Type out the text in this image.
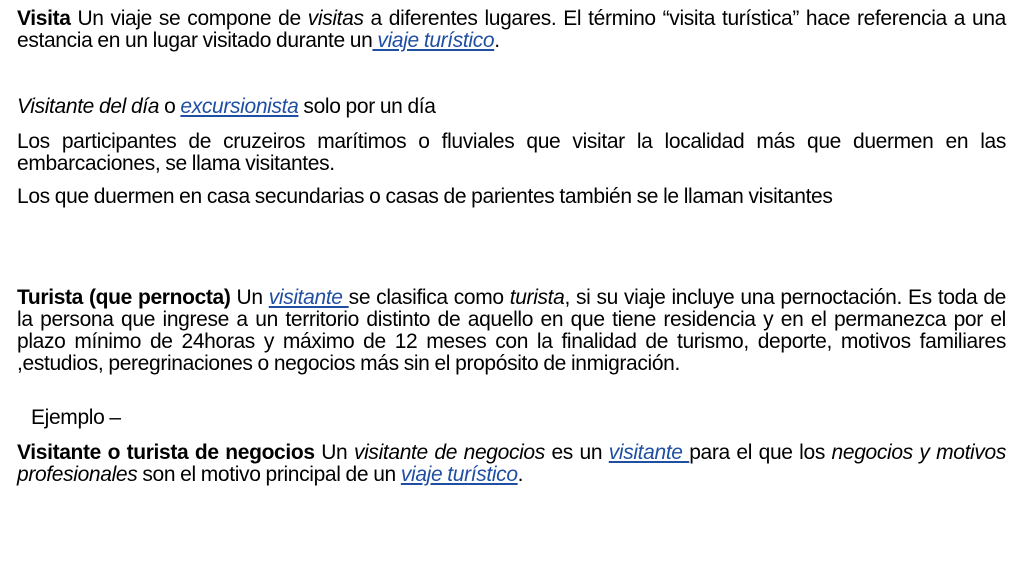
Visita Un viaje se compone de visitas a diferentes lugares. El término “visita turística” hace referencia a una estancia en un lugar visitado durante un viaje turístico.

Visitante del día o excursionista solo por un día

Los participantes de cruzeiros marítimos o fluviales que visitar la localidad más que duermen en las embarcaciones, se llama visitantes.

Los que duermen en casa secundarias o casas de parientes también se le llaman visitantes

Turista (que pernocta) Un visitante se clasifica como turista, si su viaje incluye una pernoctación. Es toda de la persona que ingrese a un territorio distinto de aquello en que tiene residencia y en el permanezca por el plazo mínimo de 24horas y máximo de 12 meses con la finalidad de turismo, deporte, motivos familiares ,estudios, peregrinaciones o negocios más sin el propósito de inmigración.

Ejemplo –

Visitante o turista de negocios Un visitante de negocios es un visitante para el que los negocios y motivos profesionales son el motivo principal de un viaje turístico.
